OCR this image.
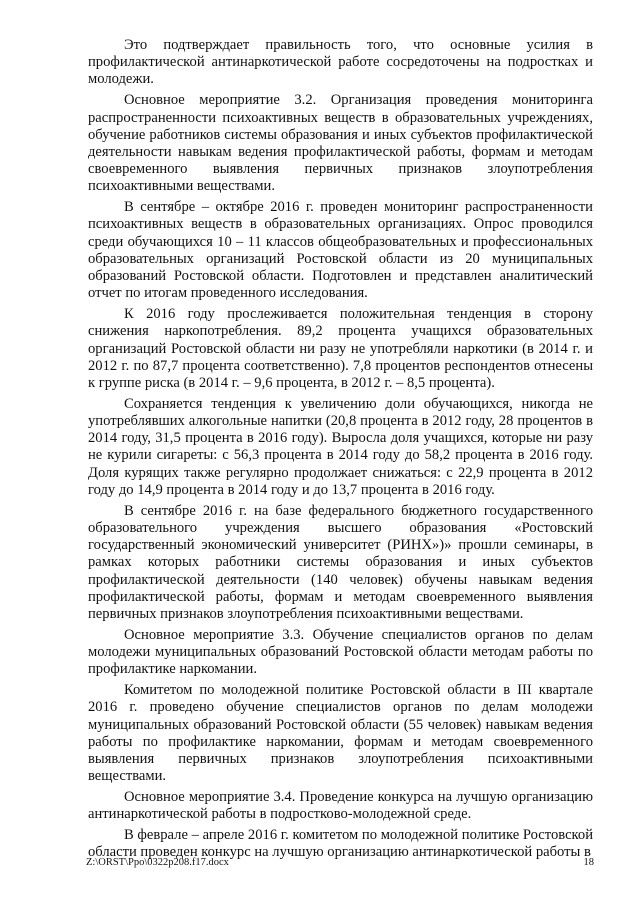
Это подтверждает правильность того, что основные усилия в профилактической антинаркотической работе сосредоточены на подростках и молодежи.

Основное мероприятие 3.2. Организация проведения мониторинга распространенности психоактивных веществ в образовательных учреждениях, обучение работников системы образования и иных субъектов профилактической деятельности навыкам ведения профилактической работы, формам и методам своевременного выявления первичных признаков злоупотребления психоактивными веществами.

В сентябре – октябре 2016 г. проведен мониторинг распространенности психоактивных веществ в образовательных организациях. Опрос проводился среди обучающихся 10 – 11 классов общеобразовательных и профессиональных образовательных организаций Ростовской области из 20 муниципальных образований Ростовской области. Подготовлен и представлен аналитический отчет по итогам проведенного исследования.

К 2016 году прослеживается положительная тенденция в сторону снижения наркопотребления. 89,2 процента учащихся образовательных организаций Ростовской области ни разу не употребляли наркотики (в 2014 г. и 2012 г. по 87,7 процента соответственно). 7,8 процентов респондентов отнесены к группе риска (в 2014 г. – 9,6 процента, в 2012 г. – 8,5 процента).

Сохраняется тенденция к увеличению доли обучающихся, никогда не употреблявших алкогольные напитки (20,8 процента в 2012 году, 28 процентов в 2014 году, 31,5 процента в 2016 году). Выросла доля учащихся, которые ни разу не курили сигареты: с 56,3 процента в 2014 году до 58,2 процента в 2016 году. Доля курящих также регулярно продолжает снижаться: с 22,9 процента в 2012 году до 14,9 процента в 2014 году и до 13,7 процента в 2016 году.

В сентябре 2016 г. на базе федерального бюджетного государственного образовательного учреждения высшего образования «Ростовский государственный экономический университет (РИНХ»)» прошли семинары, в рамках которых работники системы образования и иных субъектов профилактической деятельности (140 человек) обучены навыкам ведения профилактической работы, формам и методам своевременного выявления первичных признаков злоупотребления психоактивными веществами.

Основное мероприятие 3.3. Обучение специалистов органов по делам молодежи муниципальных образований Ростовской области методам работы по профилактике наркомании.

Комитетом по молодежной политике Ростовской области в III квартале 2016 г. проведено обучение специалистов органов по делам молодежи муниципальных образований Ростовской области (55 человек) навыкам ведения работы по профилактике наркомании, формам и методам своевременного выявления первичных признаков злоупотребления психоактивными веществами.

Основное мероприятие 3.4. Проведение конкурса на лучшую организацию антинаркотической работы в подростково-молодежной среде.

В феврале – апреле 2016 г. комитетом по молодежной политике Ростовской области проведен конкурс на лучшую организацию антинаркотической работы в

Z:\ORST\Ppo\0322p208.f17.docx	18
